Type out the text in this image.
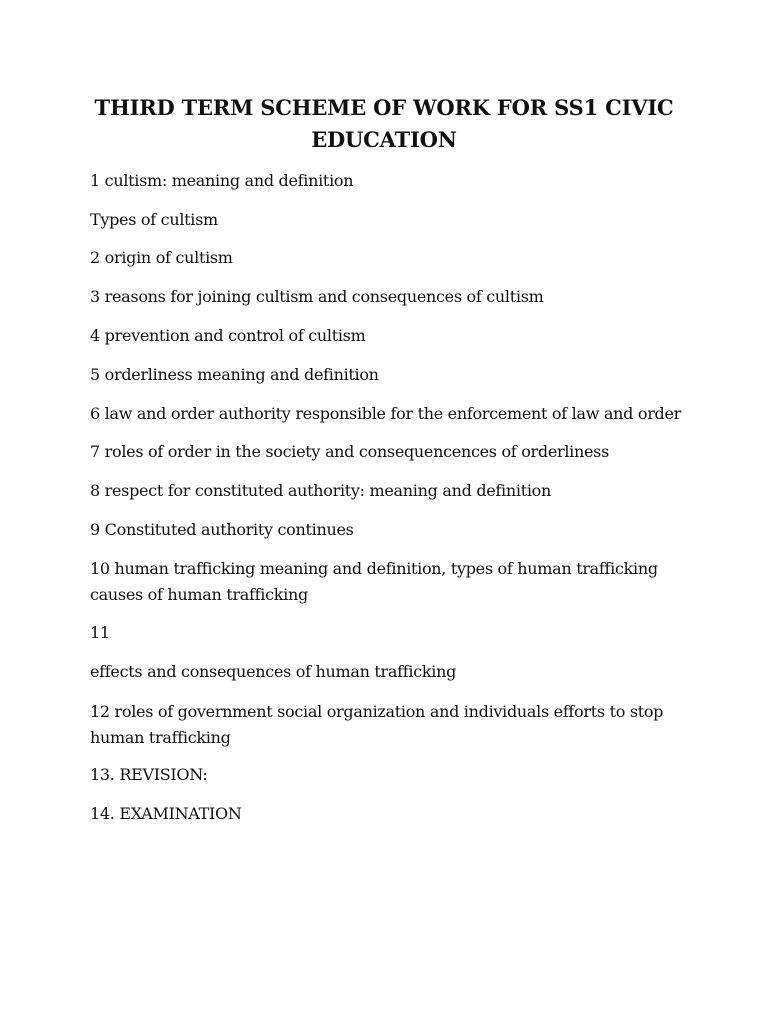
THIRD TERM SCHEME OF WORK FOR SS1 CIVIC EDUCATION

1 cultism: meaning and definition

Types of cultism

2 origin of cultism

3 reasons for joining cultism and consequences of cultism

4 prevention and control of cultism

5 orderliness meaning and definition

6 law and order authority responsible for the enforcement of law and order

7 roles of order in the society and consequencences of orderliness

8 respect for constituted authority: meaning and definition

9 Constituted authority continues

10 human trafficking meaning and definition, types of human trafficking causes of human trafficking

11

effects and consequences of human trafficking

12 roles of government social organization and individuals efforts to stop human trafficking

13. REVISION:

14. EXAMINATION
